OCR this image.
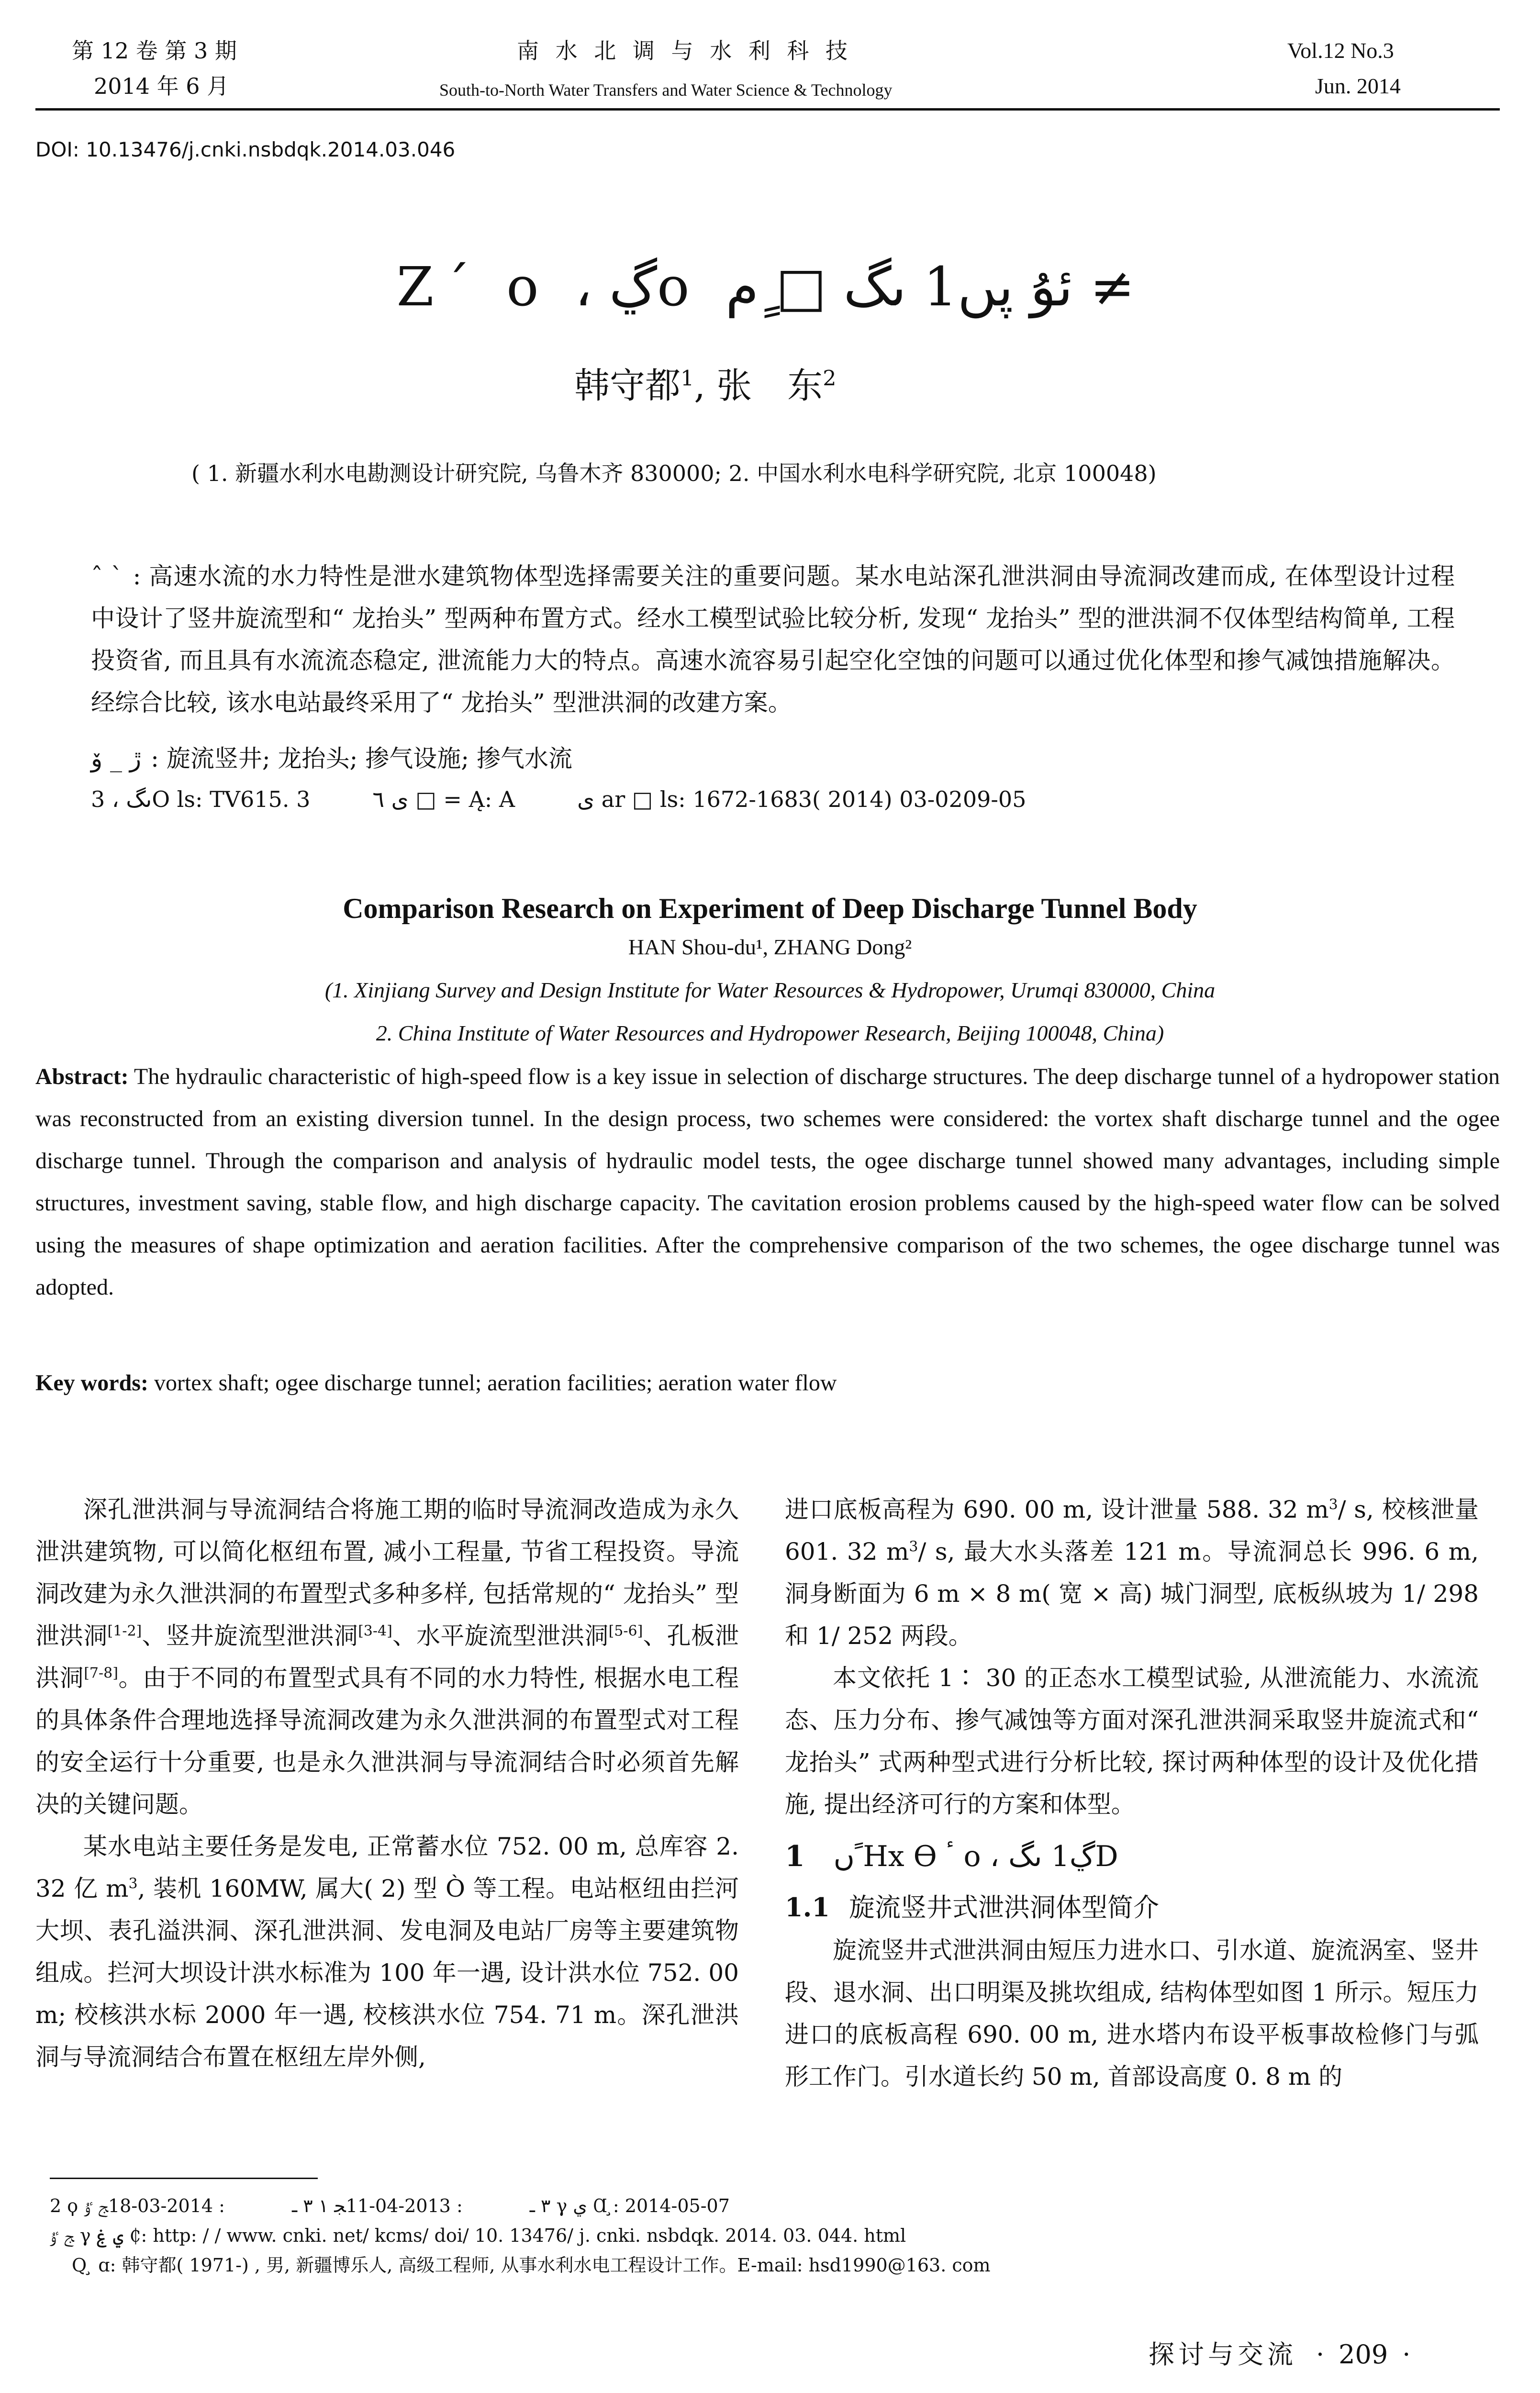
第 12 卷 第 3 期
2014 年 6 月
南 水 北 调 与 水 利 科 技
South-to-North Water Transfers and Water Science & Technology
Vol.12 No.3
Jun. 2014
DOI: 10.13476/j.cnki.nsbdqk.2014.03.046
Ζ´ ο ، ڲο ئۇ پں1 ںگ □ ٍم ≠
韩守都$^1$, 张　东$^2$
( 1. 新疆水利水电勘测设计研究院, 乌鲁木齐 830000; 2. 中国水利水电科学研究院, 北京 100048)
ˆ ˋ : 高速水流的水力特性是泄水建筑物体型选择需要关注的重要问题。某水电站深孔泄洪洞由导流洞改建而成, 在体型设计过程中设计了竖井旋流型和“ 龙抬头” 型两种布置方式。经水工模型试验比较分析, 发现“ 龙抬头” 型的泄洪洞不仅体型结构简单, 工程投资省, 而且具有水流流态稳定, 泄流能力大的特点。高速水流容易引起空化空蚀的问题可以通过优化体型和掺气减蚀措施解决。经综合比较, 该水电站最终采用了“ 龙抬头” 型泄洪洞的改建方案。
ڙ _ ۆ : 旋流竖井; 龙抬头; 掺气设施; 掺气水流
3 ، ںگO ls: TV615. 3	ى ٦ □ = Ą: A	ى ar □ ls: 1672-1683( 2014) 03-0209-05
Comparison Research on Experiment of Deep Discharge Tunnel Body
HAN Shou-du¹, ZHANG Dong²
(1. Xinjiang Survey and Design Institute for Water Resources & Hydropower, Urumqi 830000, China
2. China Institute of Water Resources and Hydropower Research, Beijing 100048, China)
Abstract: The hydraulic characteristic of high-speed flow is a key issue in selection of discharge structures. The deep discharge tunnel of a hydropower station was reconstructed from an existing diversion tunnel. In the design process, two schemes were considered: the vortex shaft discharge tunnel and the ogee discharge tunnel. Through the comparison and analysis of hydraulic model tests, the ogee discharge tunnel showed many advantages, including simple structures, investment saving, stable flow, and high discharge capacity. The cavitation erosion problems caused by the high-speed water flow can be solved using the measures of shape optimization and aeration facilities. After the comprehensive comparison of the two schemes, the ogee discharge tunnel was adopted.
Key words: vortex shaft; ogee discharge tunnel; aeration facilities; aeration water flow

深孔泄洪洞与导流洞结合将施工期的临时导流洞改造成为永久泄洪建筑物, 可以简化枢纽布置, 减小工程量, 节省工程投资。导流洞改建为永久泄洪洞的布置型式多种多样, 包括常规的“ 龙抬头” 型泄洪洞[1-2]、竖井旋流型泄洪洞[3-4]、水平旋流型泄洪洞[5-6]、孔板泄洪洞[7-8]。由于不同的布置型式具有不同的水力特性, 根据水电工程的具体条件合理地选择导流洞改建为永久泄洪洞的布置型式对工程的安全运行十分重要, 也是永久泄洪洞与导流洞结合时必须首先解决的关键问题。

某水电站主要任务是发电, 正常蓄水位 752. 00 m, 总库容 2. 32 亿 $m^3$, 装机 160MW, 属大( 2) 型 Ò 等工程。电站枢纽由拦河大坝、表孔溢洪洞、深孔泄洪洞、发电洞及电站厂房等主要建筑物组成。拦河大坝设计洪水标准为 100 年一遇, 设计洪水位 752. 00 m; 校核洪水标 2000 年一遇, 校核洪水位 754. 71 m。深孔泄洪洞与导流洞结合布置在枢纽左岸外侧,

进口底板高程为 690. 00 m, 设计泄量 588. 32 $m^3/$ s, 校核泄量 601. 32 $m^3/$ s, 最大水头落差 121 m。导流洞总长 996. 6 m, 洞身断面为 6 m × 8 m( 宽 × 高) 城门洞型, 底板纵坡为 1/ 298 和 1/ 252 两段。

本文依托 1∶ 30 的正态水工模型试验, 从泄流能力、水流流态、压力分布、掺气减蚀等方面对深孔泄洪洞采取竖井旋流式和“ 龙抬头” 式两种型式进行分析比较, 探讨两种体型的设计及优化措施, 提出经济可行的方案和体型。

1 ں ًHx Ѳ ٴ ο ، ڲ1 ںگD
1.1 旋流竖井式泄洪洞体型简介

旋流竖井式泄洪洞由短压力进水口、引水道、旋流涡室、竖井段、退水洞、出口明渠及挑坎组成, 结构体型如图 1 所示。短压力进口的底板高程 690. 00 m, 进水塔内布设平板事故检修门与弧形工作门。引水道长约 50 m, 首部设高度 0. 8 m 的

2 ϙ ٣ ـ: 2013-04-11ﺠ ۱ ٣ ـ: 2014-03-18ﺞ ﯝ γ ي Ɑ ̧: 2014-05-07
ﺞ ﯝ γ ي ۼ ₵: http: / / www. cnki. net/ kcms/ doi/ 10. 13476/ j. cnki. nsbdqk. 2014. 03. 044. html
Q ̧ ɑ: 韩守都( 1971-) , 男, 新疆博乐人, 高级工程师, 从事水利水电工程设计工作。E-mail: hsd1990@163. com
探讨与交流 · 209 ·
